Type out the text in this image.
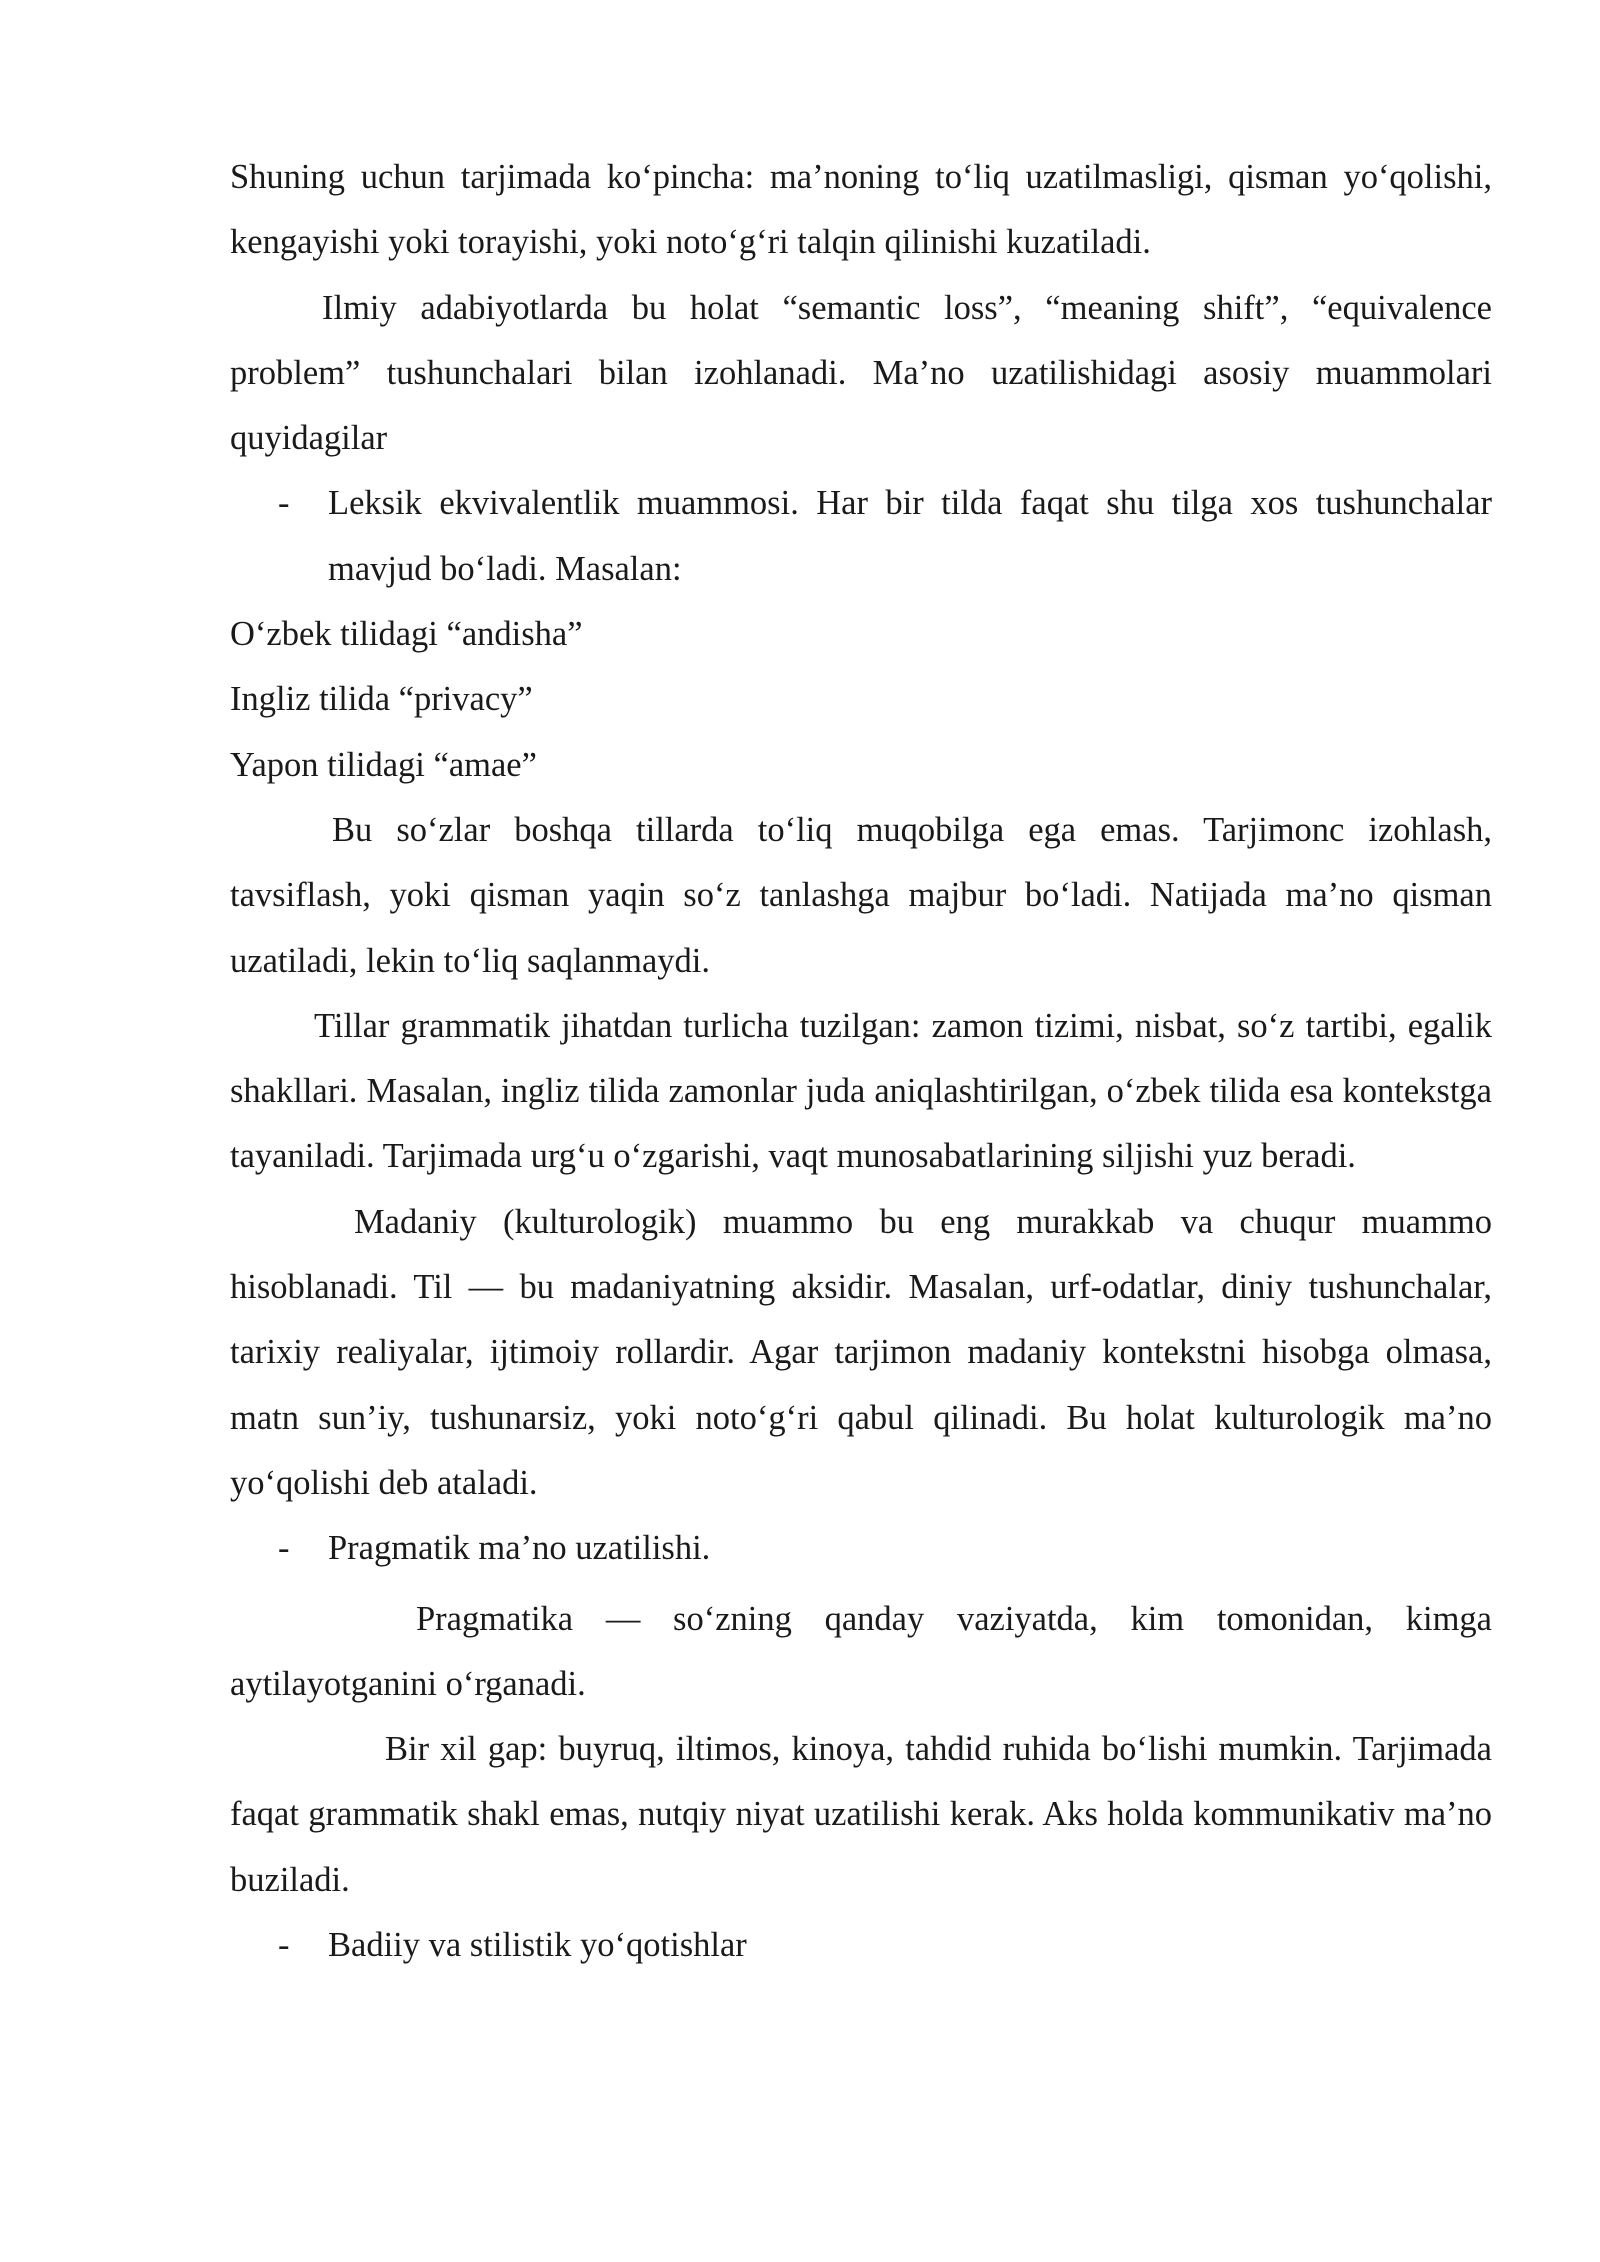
Shuning uchun tarjimada ko‘pincha: ma’noning to‘liq uzatilmasligi, qisman yo‘qolishi, kengayishi yoki torayishi, yoki noto‘g‘ri talqin qilinishi kuzatiladi.

Ilmiy adabiyotlarda bu holat “semantic loss”, “meaning shift”, “equivalence problem” tushunchalari bilan izohlanadi. Ma’no uzatilishidagi asosiy muammolari quyidagilar

-	Leksik ekvivalentlik muammosi. Har bir tilda faqat shu tilga xos tushunchalar mavjud bo‘ladi. Masalan:

O‘zbek tilidagi “andisha”

Ingliz tilida “privacy”

Yapon tilidagi “amae”

Bu so‘zlar boshqa tillarda to‘liq muqobilga ega emas. Tarjimonc izohlash, tavsiflash, yoki qisman yaqin so‘z tanlashga majbur bo‘ladi. Natijada ma’no qisman uzatiladi, lekin to‘liq saqlanmaydi.

Tillar grammatik jihatdan turlicha tuzilgan: zamon tizimi, nisbat, so‘z tartibi, egalik shakllari. Masalan, ingliz tilida zamonlar juda aniqlashtirilgan, o‘zbek tilida esa kontekstga tayaniladi. Tarjimada urg‘u o‘zgarishi, vaqt munosabatlarining siljishi yuz beradi.

Madaniy (kulturologik) muammo bu eng murakkab va chuqur muammo hisoblanadi. Til — bu madaniyatning aksidir. Masalan, urf-odatlar, diniy tushunchalar, tarixiy realiyalar, ijtimoiy rollardir. Agar tarjimon madaniy kontekstni hisobga olmasa, matn sun’iy, tushunarsiz, yoki noto‘g‘ri qabul qilinadi. Bu holat kulturologik ma’no yo‘qolishi deb ataladi.

-	Pragmatik ma’no uzatilishi.

Pragmatika — so‘zning qanday vaziyatda, kim tomonidan, kimga aytilayotganini o‘rganadi.

Bir xil gap: buyruq, iltimos, kinoya, tahdid ruhida bo‘lishi mumkin. Tarjimada faqat grammatik shakl emas, nutqiy niyat uzatilishi kerak. Aks holda kommunikativ ma’no buziladi.

-	Badiiy va stilistik yo‘qotishlar
